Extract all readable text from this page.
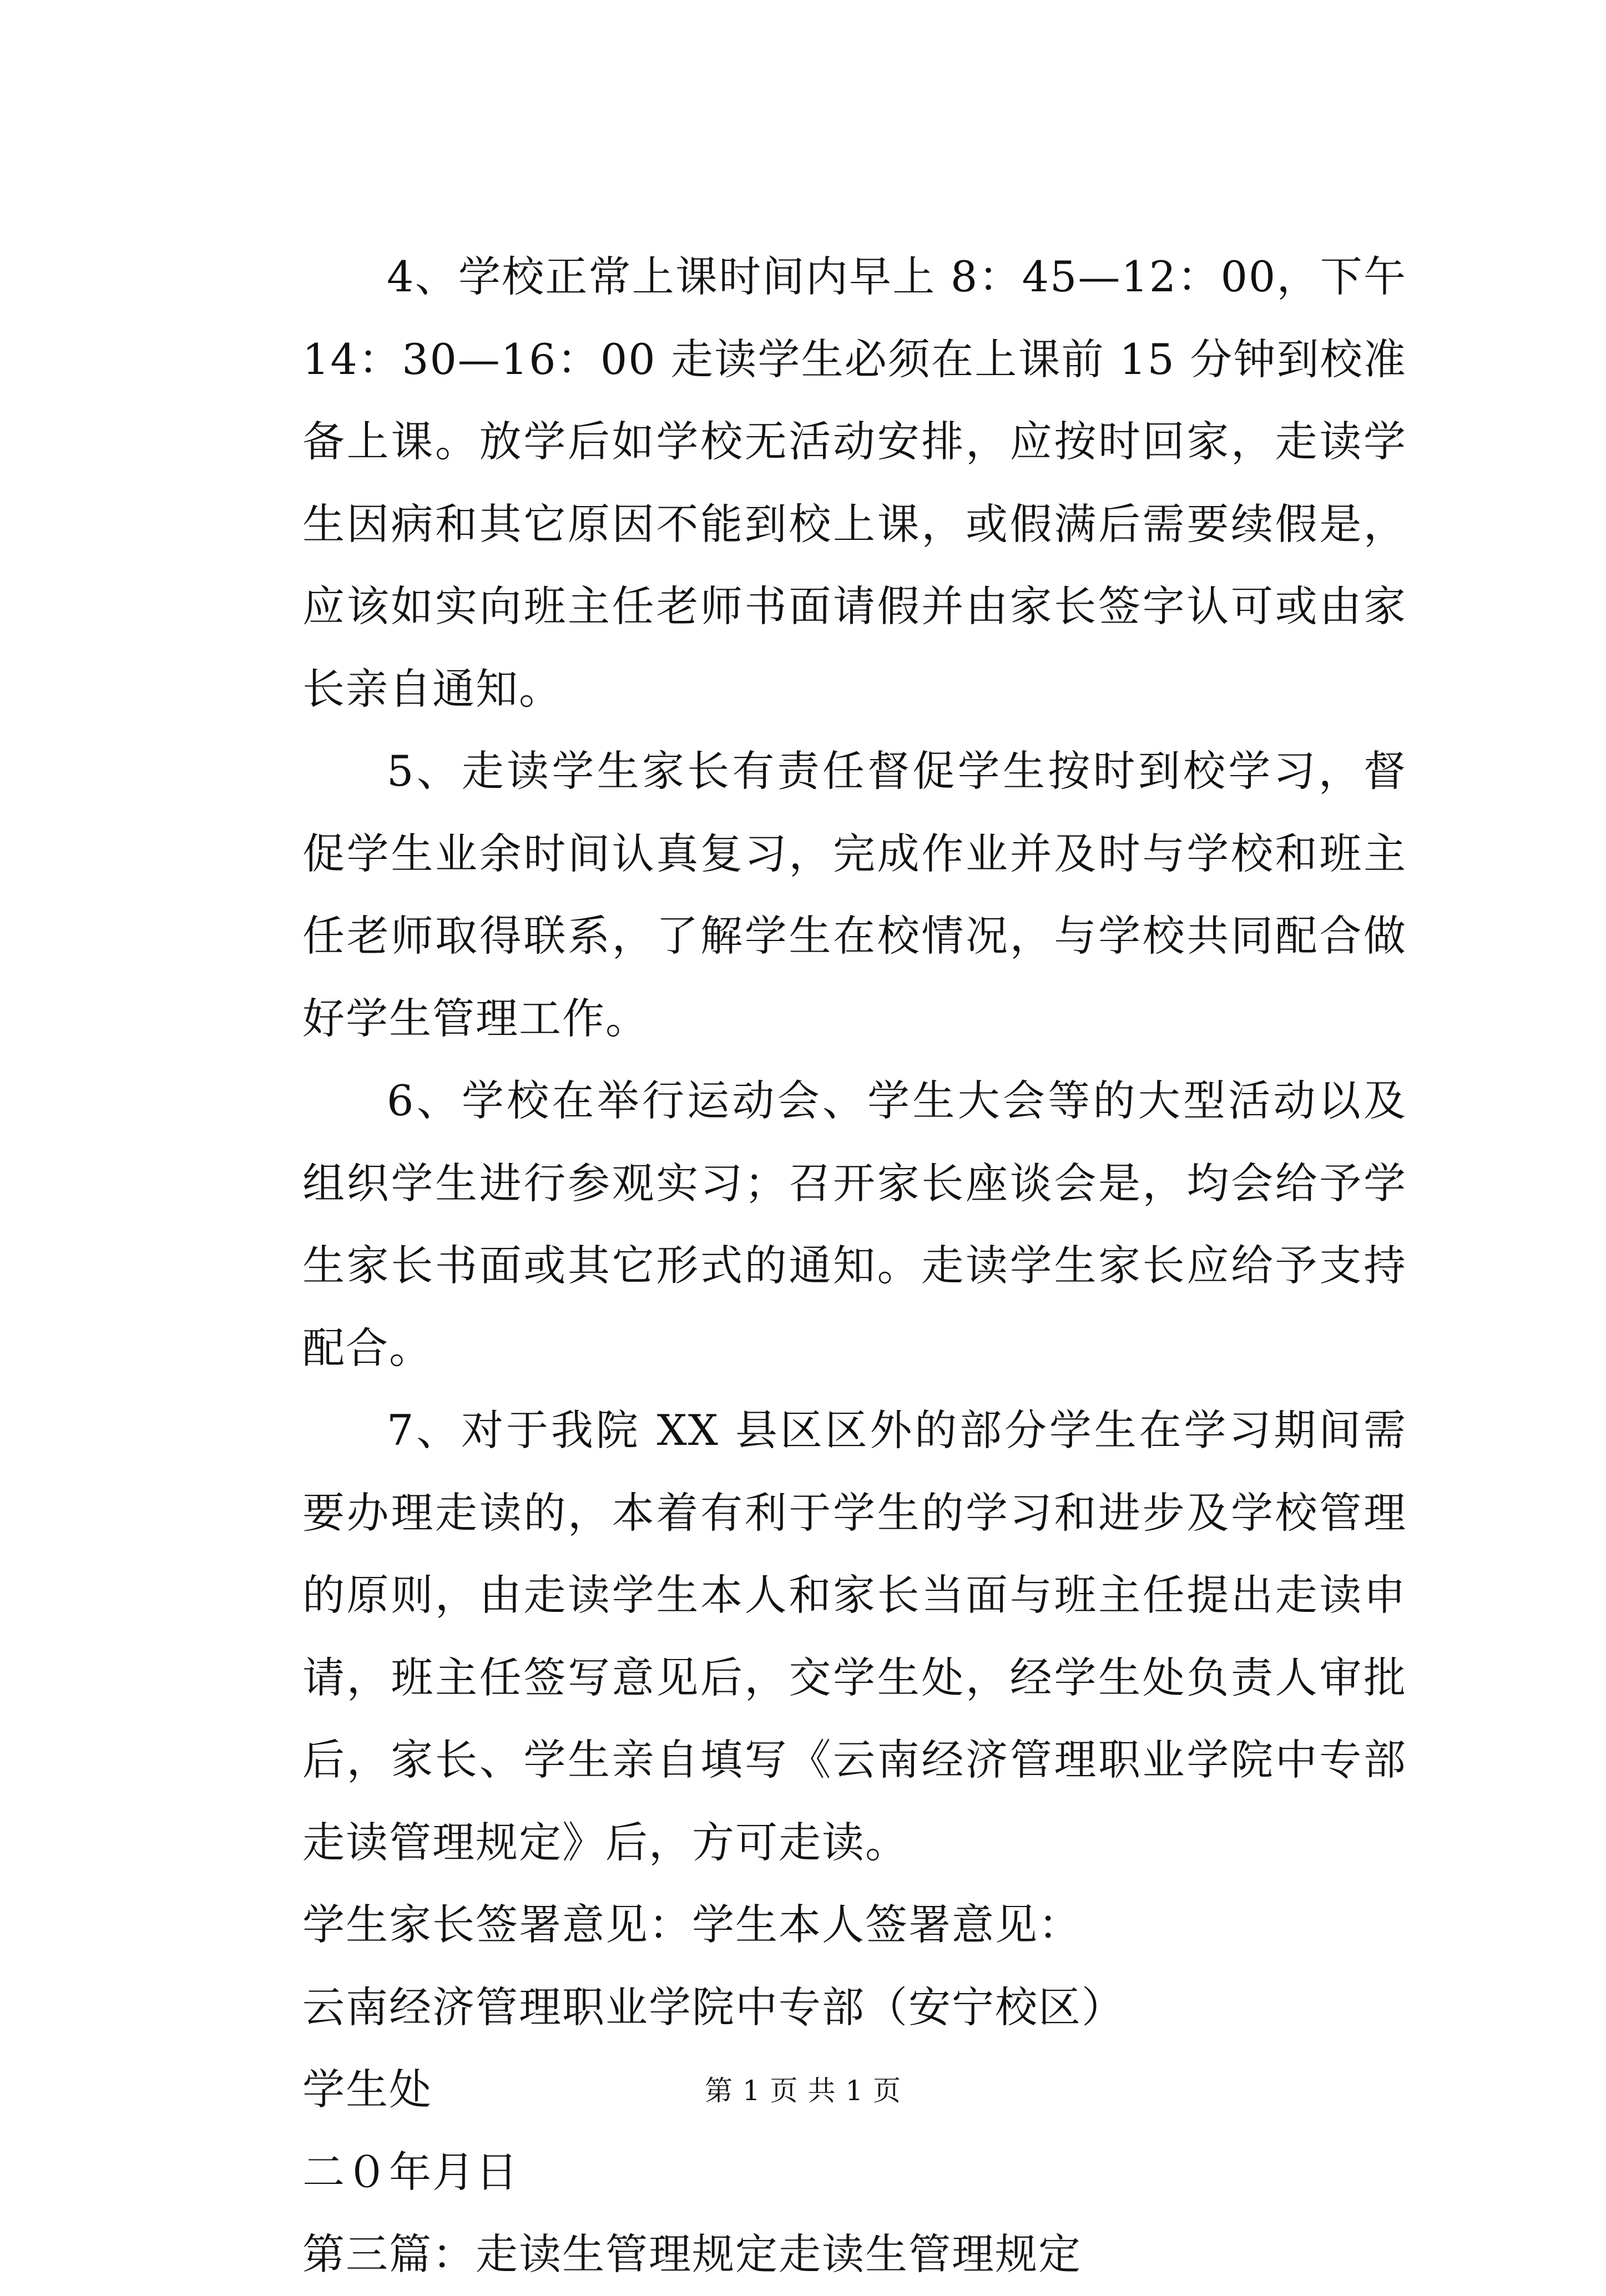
4、学校正常上课时间内早上 8：45—12：00，下午 14：30—16：00 走读学生必须在上课前 15 分钟到校准备上课。放学后如学校无活动安排，应按时回家，走读学生因病和其它原因不能到校上课，或假满后需要续假是，应该如实向班主任老师书面请假并由家长签字认可或由家长亲自通知。

5、走读学生家长有责任督促学生按时到校学习，督促学生业余时间认真复习，完成作业并及时与学校和班主任老师取得联系，了解学生在校情况，与学校共同配合做好学生管理工作。

6、学校在举行运动会、学生大会等的大型活动以及组织学生进行参观实习；召开家长座谈会是，均会给予学生家长书面或其它形式的通知。走读学生家长应给予支持配合。

7、对于我院 XX 县区区外的部分学生在学习期间需要办理走读的，本着有利于学生的学习和进步及学校管理的原则，由走读学生本人和家长当面与班主任提出走读申请，班主任签写意见后，交学生处，经学生处负责人审批后，家长、学生亲自填写《云南经济管理职业学院中专部走读管理规定》后，方可走读。

学生家长签署意见：学生本人签署意见：

云南经济管理职业学院中专部（安宁校区）

学生处

二０年月日

第三篇：走读生管理规定走读生管理规定

第 1 页 共 1 页
